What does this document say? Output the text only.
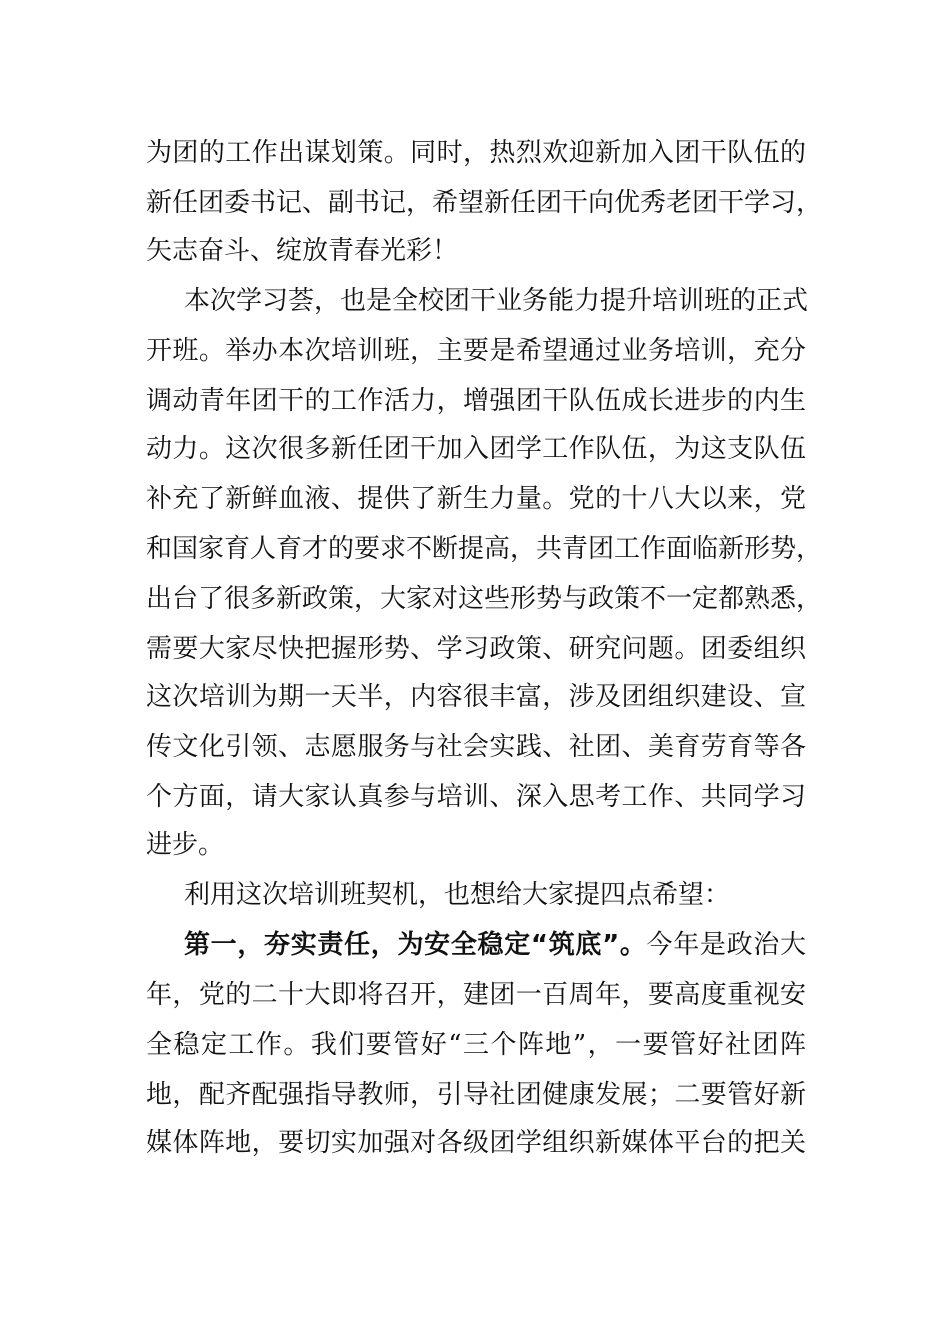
为团的工作出谋划策。同时，热烈欢迎新加入团干队伍的
新任团委书记、副书记，希望新任团干向优秀老团干学习，
矢志奋斗、绽放青春光彩！
本次学习荟，也是全校团干业务能力提升培训班的正式
开班。举办本次培训班，主要是希望通过业务培训，充分
调动青年团干的工作活力，增强团干队伍成长进步的内生
动力。这次很多新任团干加入团学工作队伍，为这支队伍
补充了新鲜血液、提供了新生力量。党的十八大以来，党
和国家育人育才的要求不断提高，共青团工作面临新形势，
出台了很多新政策，大家对这些形势与政策不一定都熟悉，
需要大家尽快把握形势、学习政策、研究问题。团委组织
这次培训为期一天半，内容很丰富，涉及团组织建设、宣
传文化引领、志愿服务与社会实践、社团、美育劳育等各
个方面，请大家认真参与培训、深入思考工作、共同学习
进步。
利用这次培训班契机，也想给大家提四点希望：
第一，夯实责任，为安全稳定“筑底”。今年是政治大
年，党的二十大即将召开，建团一百周年，要高度重视安
全稳定工作。我们要管好“三个阵地”，一要管好社团阵
地，配齐配强指导教师，引导社团健康发展；二要管好新
媒体阵地，要切实加强对各级团学组织新媒体平台的把关
